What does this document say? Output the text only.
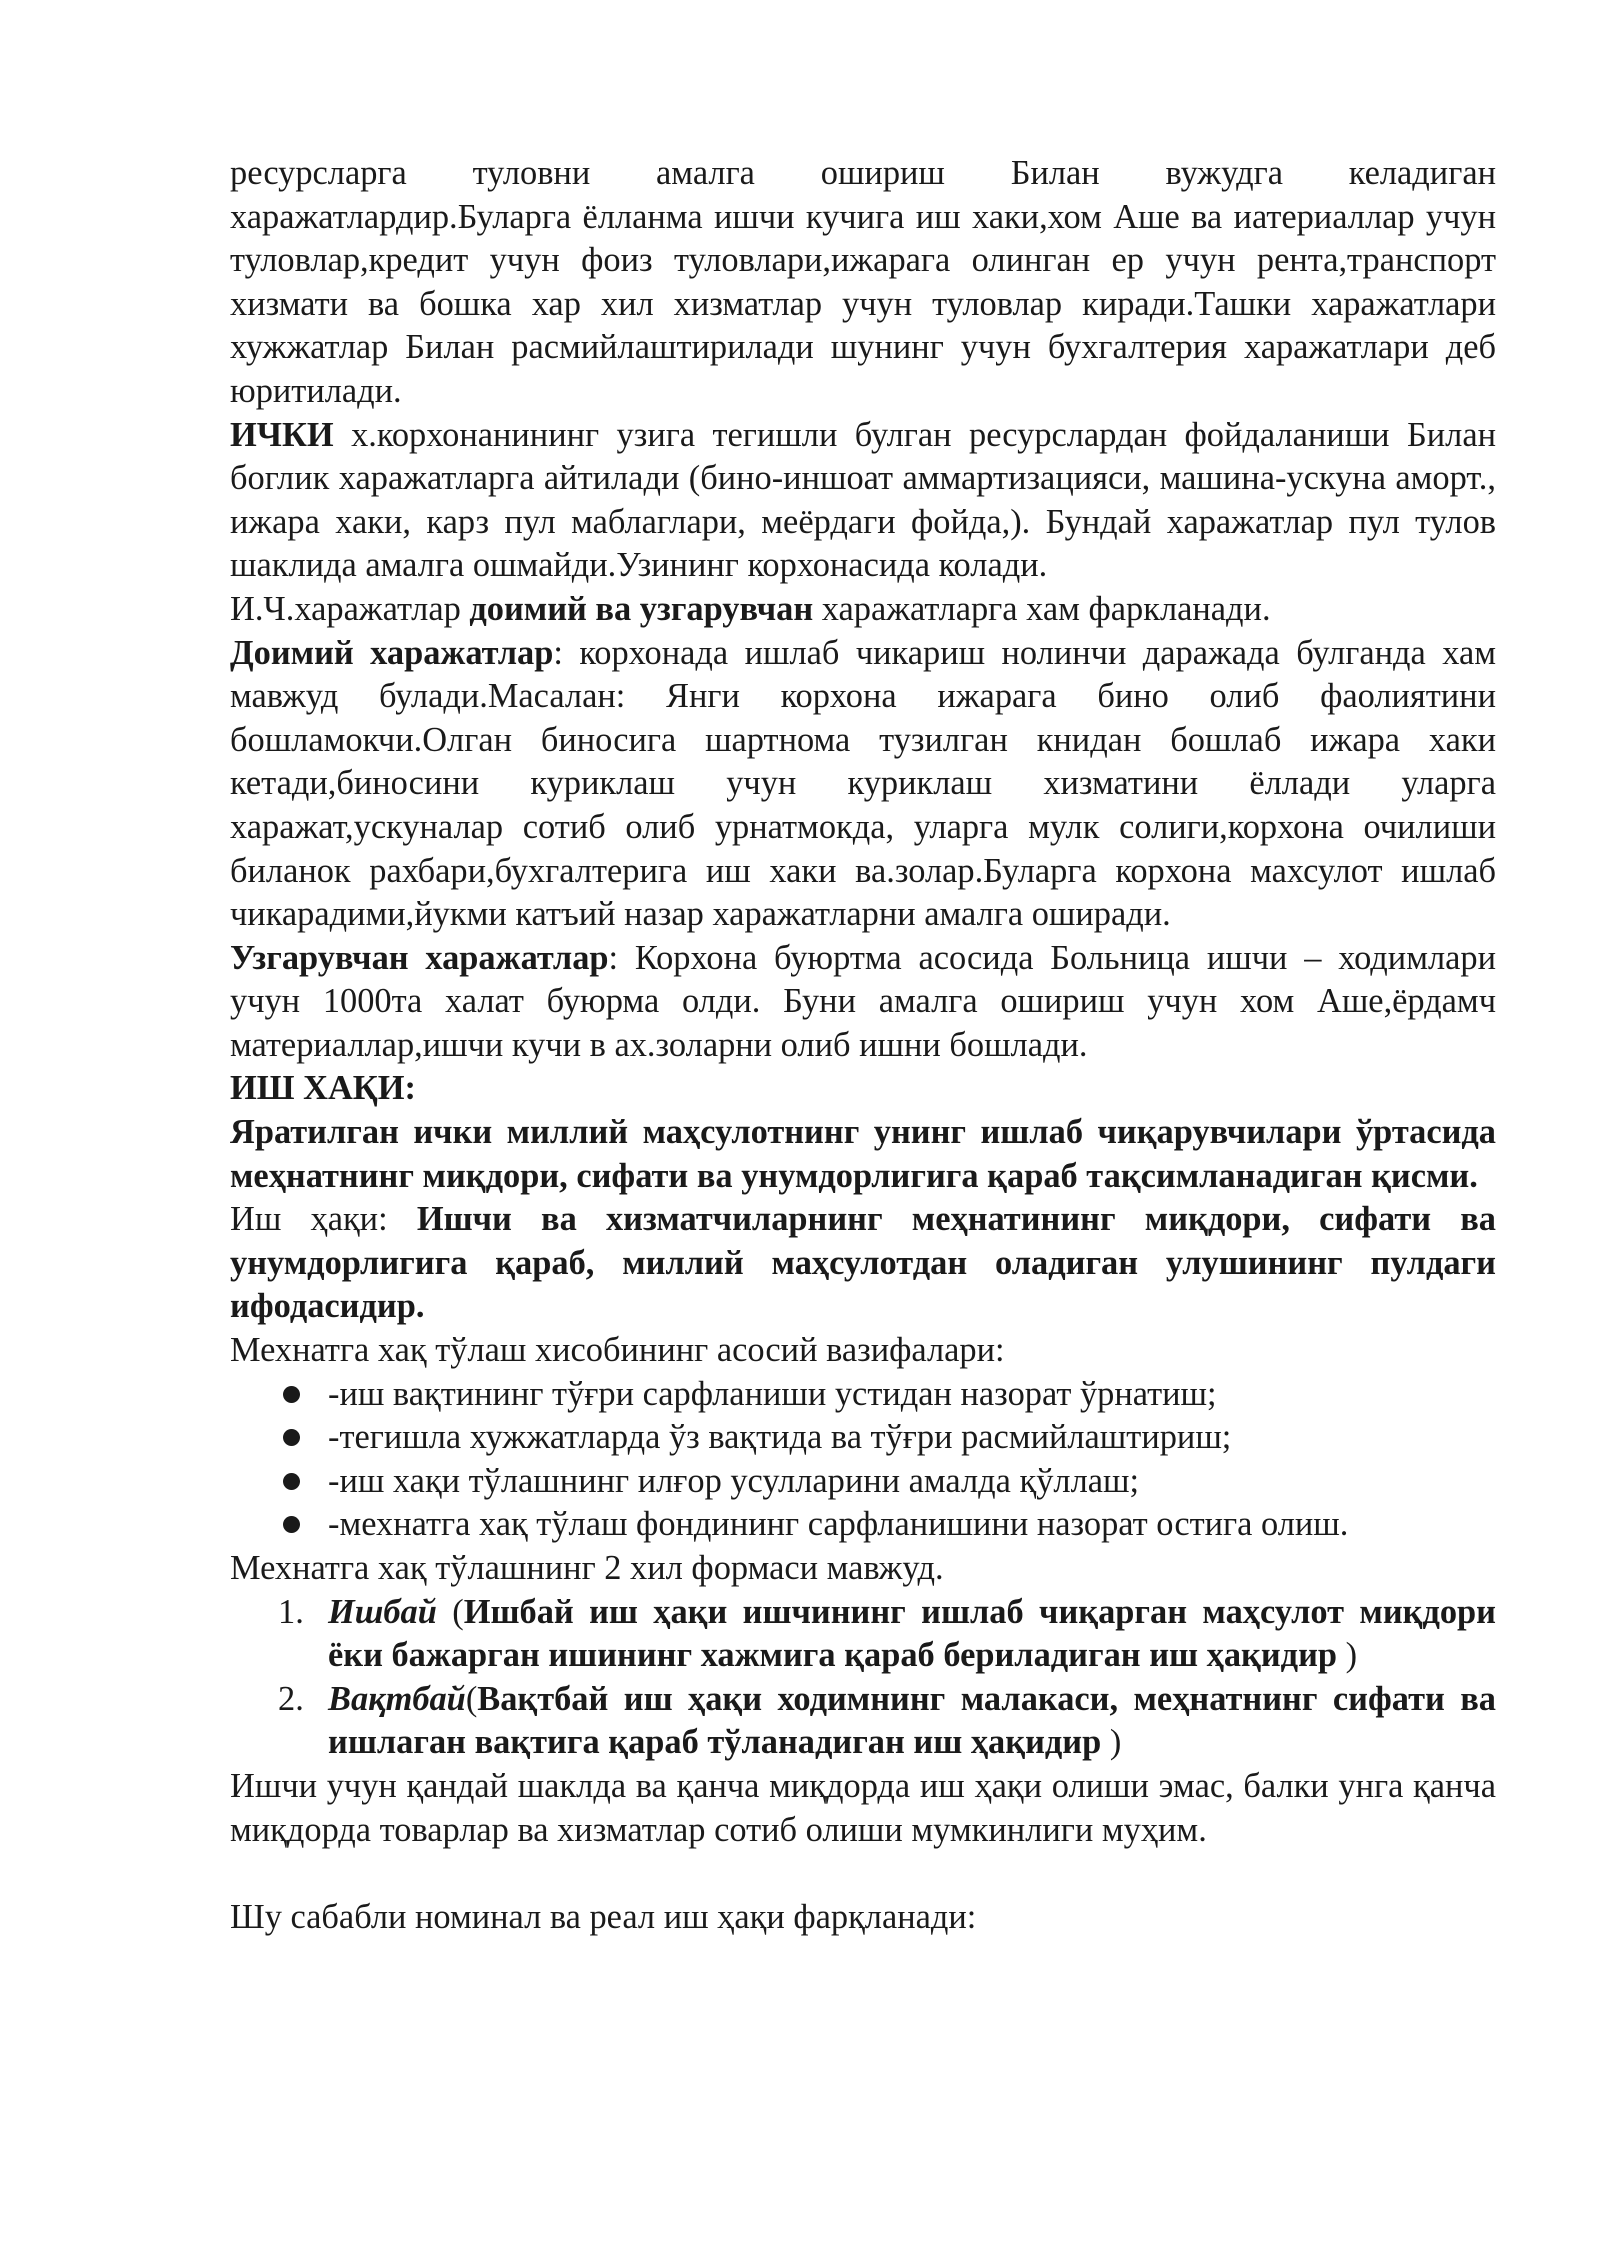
ресурсларга туловни амалга ошириш Билан вужудга келадиган харажатлардир.Буларга ёлланма ишчи кучига иш хаки,хом Аше ва иатериаллар учун туловлар,кредит учун фоиз туловлари,ижарага олинган ер учун рента,транспорт хизмати ва бошка хар хил хизматлар учун туловлар киради.Ташки харажатлари хужжатлар Билан расмийлаштирилади шунинг учун бухгалтерия харажатлари деб юритилади.

ИЧКИ х.корхонанининг узига тегишли булган ресурслардан фойдаланиши Билан боглик харажатларга айтилади (бино-иншоат аммартизацияси, машина-ускуна аморт., ижара хаки, карз пул маблаглари, меёрдаги фойда,). Бундай харажатлар пул тулов шаклида амалга ошмайди.Узининг корхонасида колади.

И.Ч.харажатлар доимий ва узгарувчан харажатларга хам фаркланади.

Доимий харажатлар: корхонада ишлаб чикариш нолинчи даражада булганда хам мавжуд булади.Масалан: Янги корхона ижарага бино олиб фаолиятини бошламокчи.Олган биносига шартнома тузилган книдан бошлаб ижара хаки кетади,биносини куриклаш учун куриклаш хизматини ёллади уларга харажат,ускуналар сотиб олиб урнатмокда, уларга мулк солиги,корхона очилиши биланок рахбари,бухгалтерига иш хаки ва.золар.Буларга корхона махсулот ишлаб чикарадими,йукми катъий назар харажатларни амалга оширади.

Узгарувчан харажатлар: Корхона буюртма асосида Больница ишчи – ходимлари учун 1000та халат буюрма олди. Буни амалга ошириш учун хом Аше,ёрдамч материаллар,ишчи кучи в ах.золарни олиб ишни бошлади.

ИШ ХАҚИ:

Яратилган ички миллий маҳсулотнинг унинг ишлаб чиқарувчилари ўртасида меҳнатнинг миқдори, сифати ва унумдорлигига қараб тақсимланадиган қисми.

Иш ҳақи: Ишчи ва хизматчиларнинг меҳнатининг миқдори, сифати ва унумдорлигига қараб, миллий маҳсулотдан оладиган улушининг пулдаги ифодасидир.

Мехнатга хақ тўлаш хисобининг асосий вазифалари:

-иш вақтининг тўғри сарфланиши устидан назорат ўрнатиш;
-тегишла хужжатларда ўз вақтида ва тўғри расмийлаштириш;
-иш хақи тўлашнинг илғор усулларини амалда қўллаш;
-мехнатга хақ тўлаш фондининг сарфланишини назорат остига олиш.

Мехнатга хақ тўлашнинг 2 хил формаси мавжуд.

1. Ишбай (Ишбай иш ҳақи ишчининг ишлаб чиқарган маҳсулот миқдори ёки бажарган ишининг хажмига қараб бериладиган иш ҳақидир )
2. Вақтбай(Вақтбай иш ҳақи ходимнинг малакаси, меҳнатнинг сифати ва ишлаган вақтига қараб тўланадиган иш ҳақидир )

Ишчи учун қандай шаклда ва қанча миқдорда иш ҳақи олиши эмас, балки унга қанча миқдорда товарлар ва хизматлар сотиб олиши мумкинлиги муҳим.

Шу сабабли номинал ва реал иш ҳақи фарқланади:
